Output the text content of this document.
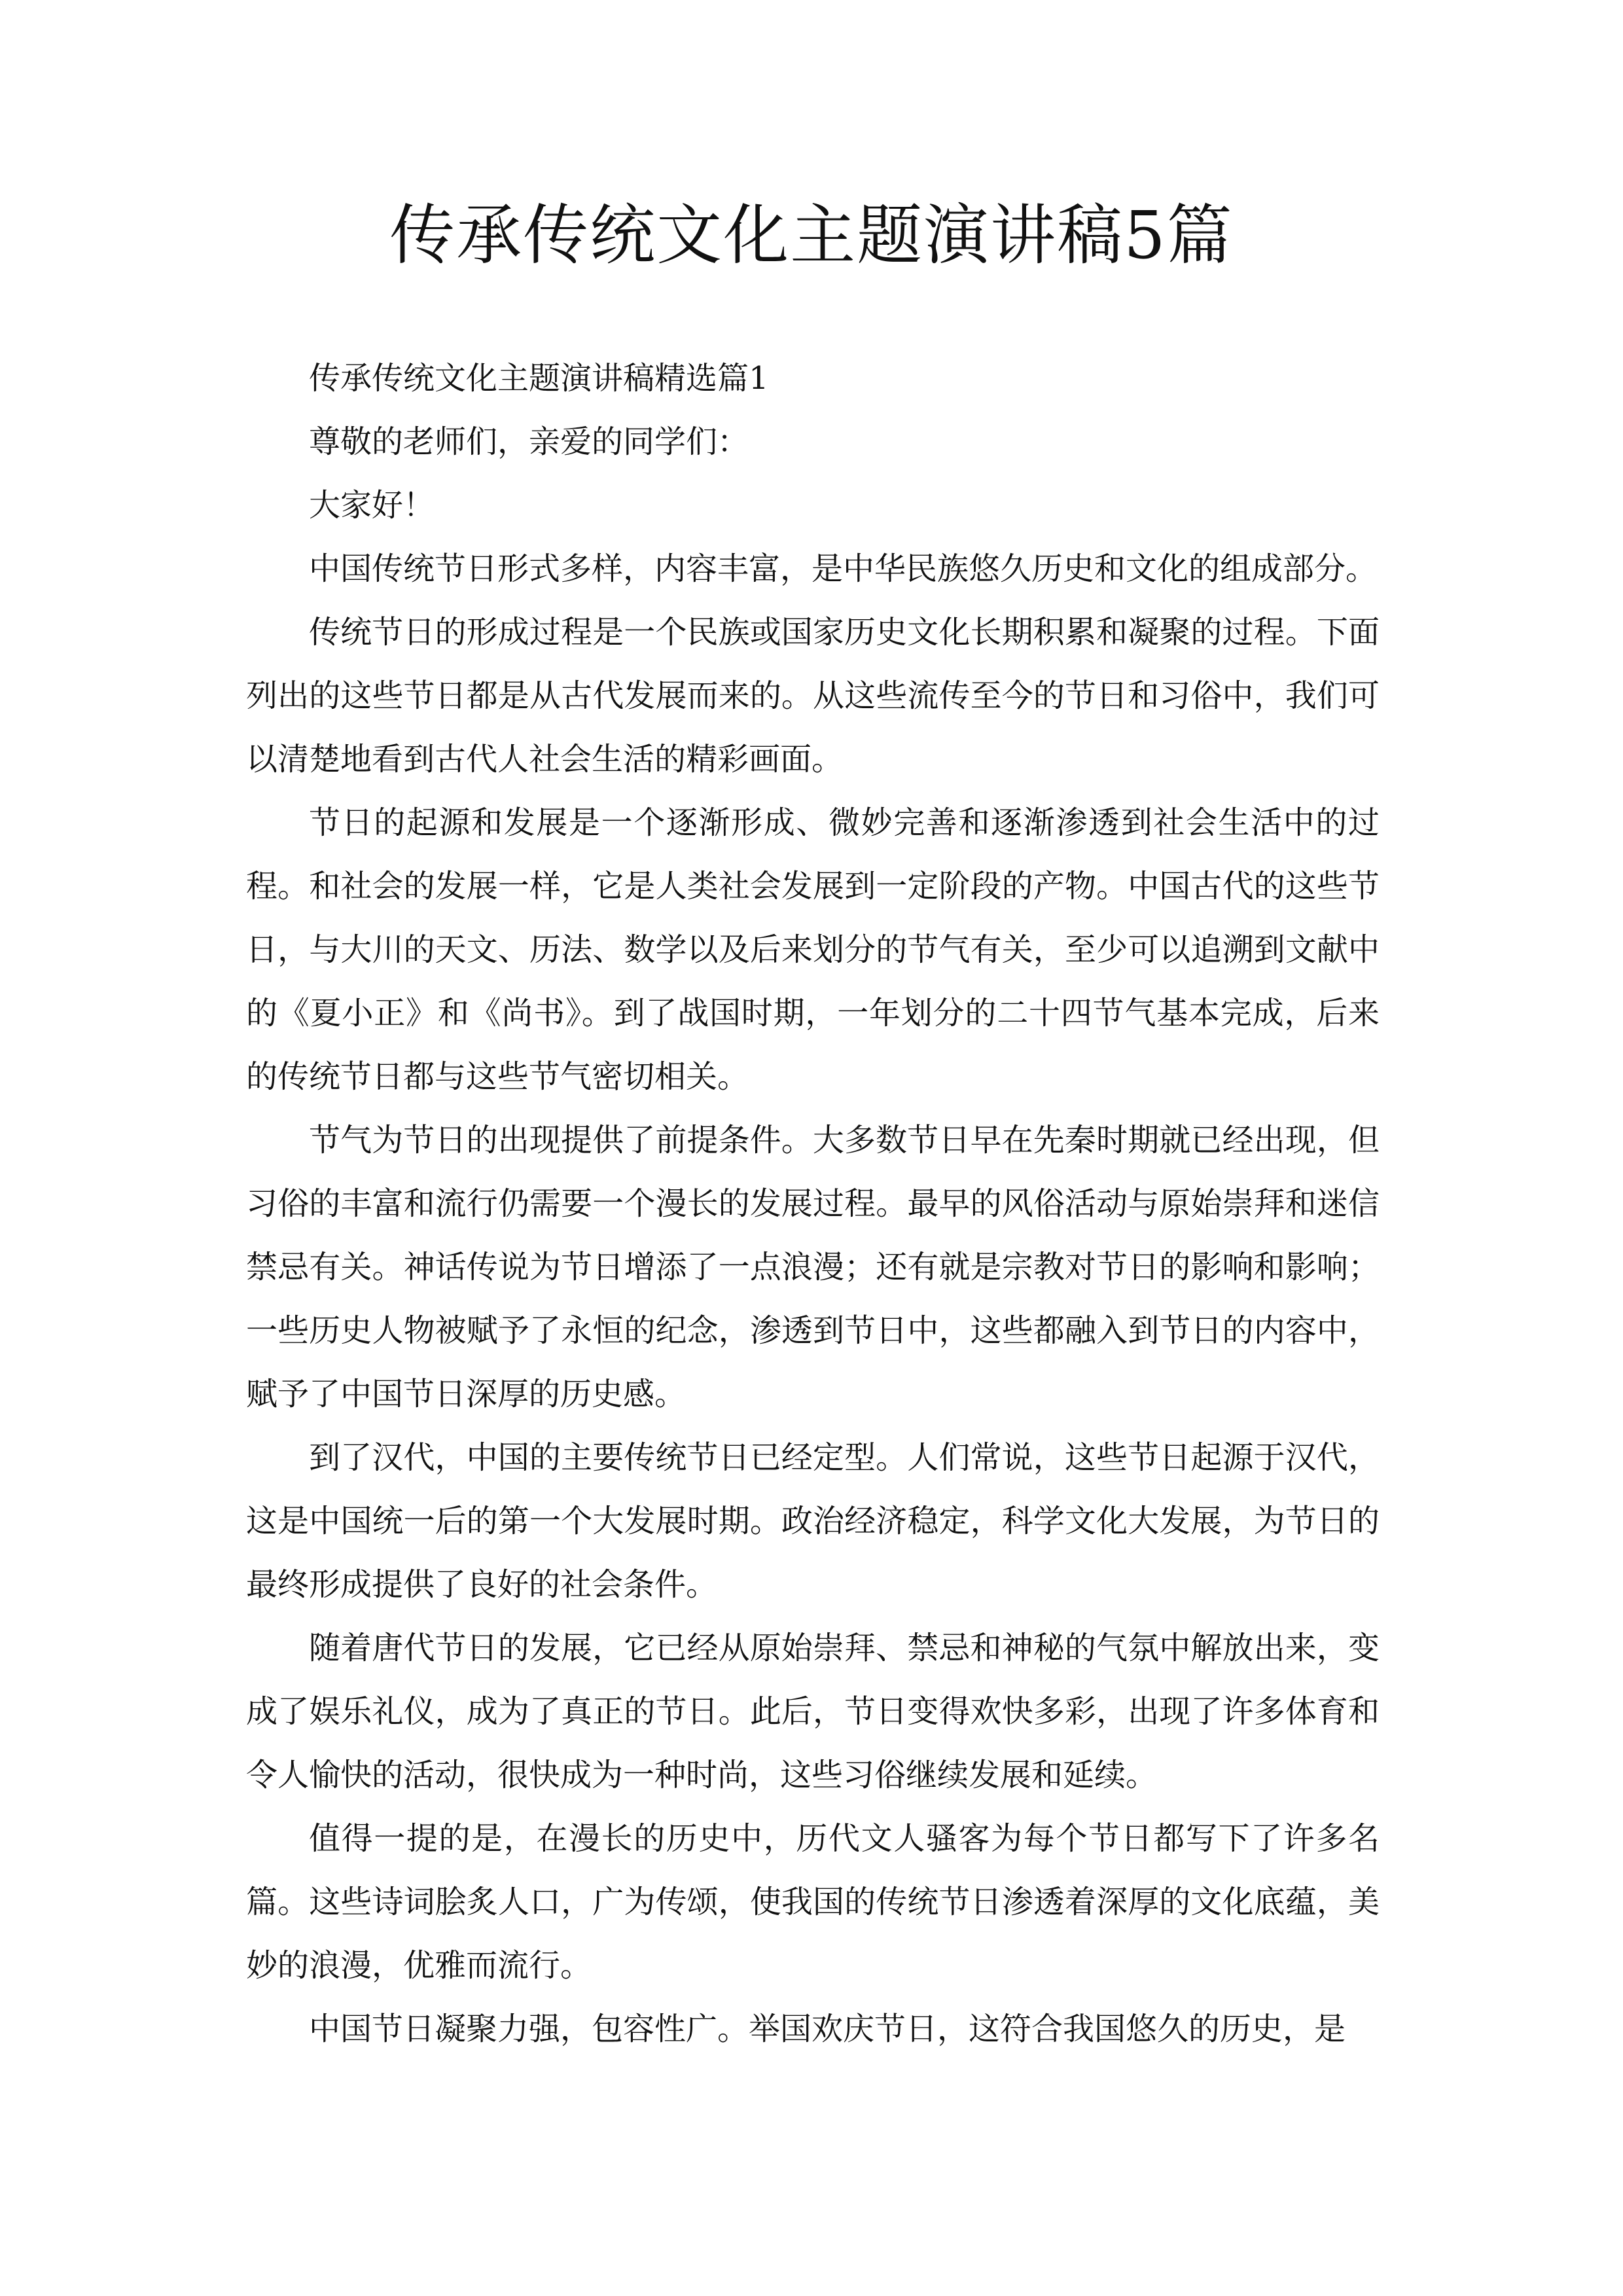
传承传统文化主题演讲稿5篇

传承传统文化主题演讲稿精选篇1

尊敬的老师们，亲爱的同学们：

大家好！

中国传统节日形式多样，内容丰富，是中华民族悠久历史和文化的组成部分。

传统节日的形成过程是一个民族或国家历史文化长期积累和凝聚的过程。下面列出的这些节日都是从古代发展而来的。从这些流传至今的节日和习俗中，我们可以清楚地看到古代人社会生活的精彩画面。

节日的起源和发展是一个逐渐形成、微妙完善和逐渐渗透到社会生活中的过程。和社会的发展一样，它是人类社会发展到一定阶段的产物。中国古代的这些节日，与大川的天文、历法、数学以及后来划分的节气有关，至少可以追溯到文献中的《夏小正》和《尚书》。到了战国时期，一年划分的二十四节气基本完成，后来的传统节日都与这些节气密切相关。

节气为节日的出现提供了前提条件。大多数节日早在先秦时期就已经出现，但习俗的丰富和流行仍需要一个漫长的发展过程。最早的风俗活动与原始崇拜和迷信禁忌有关。神话传说为节日增添了一点浪漫；还有就是宗教对节日的影响和影响；一些历史人物被赋予了永恒的纪念，渗透到节日中，这些都融入到节日的内容中，赋予了中国节日深厚的历史感。

到了汉代，中国的主要传统节日已经定型。人们常说，这些节日起源于汉代，这是中国统一后的第一个大发展时期。政治经济稳定，科学文化大发展，为节日的最终形成提供了良好的社会条件。

随着唐代节日的发展，它已经从原始崇拜、禁忌和神秘的气氛中解放出来，变成了娱乐礼仪，成为了真正的节日。此后，节日变得欢快多彩，出现了许多体育和令人愉快的活动，很快成为一种时尚，这些习俗继续发展和延续。

值得一提的是，在漫长的历史中，历代文人骚客为每个节日都写下了许多名篇。这些诗词脍炙人口，广为传颂，使我国的传统节日渗透着深厚的文化底蕴，美妙的浪漫，优雅而流行。

中国节日凝聚力强，包容性广。举国欢庆节日，这符合我国悠久的历史，是
